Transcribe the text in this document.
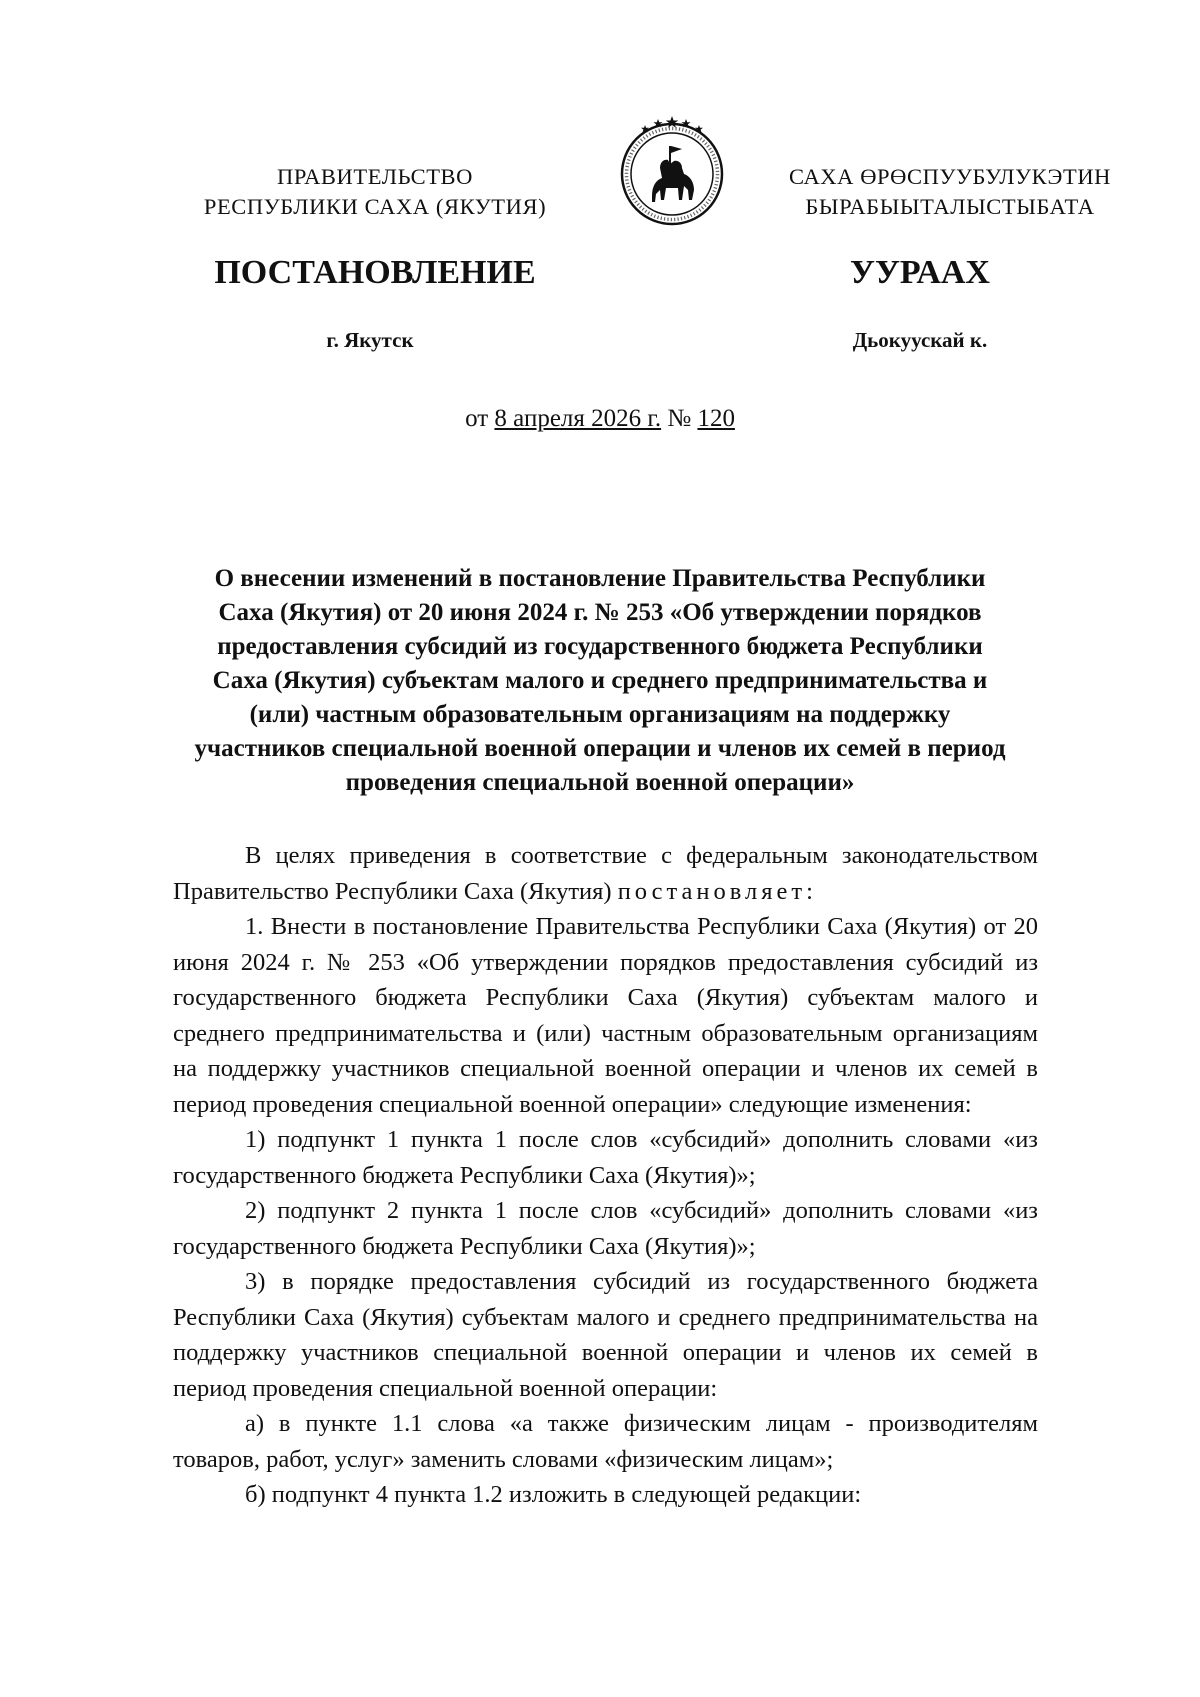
ПРАВИТЕЛЬСТВО
РЕСПУБЛИКИ САХА (ЯКУТИЯ)
САХА ӨРӨСПУУБУЛУКЭТИН
БЫРАБЫЫТАЛЫСТЫБАТА
ПОСТАНОВЛЕНИЕ	УУРААХ
г. Якутск	Дьокуускай к.
от 8 апреля 2026 г. № 120
О внесении изменений в постановление Правительства Республики Саха (Якутия) от 20 июня 2024 г. № 253 «Об утверждении порядков предоставления субсидий из государственного бюджета Республики Саха (Якутия) субъектам малого и среднего предпринимательства и (или) частным образовательным организациям на поддержку участников специальной военной операции и членов их семей в период проведения специальной военной операции»

В целях приведения в соответствие с федеральным законодательством Правительство Республики Саха (Якутия) постановляет:

1. Внести в постановление Правительства Республики Саха (Якутия) от 20 июня 2024 г. № 253 «Об утверждении порядков предоставления субсидий из государственного бюджета Республики Саха (Якутия) субъектам малого и среднего предпринимательства и (или) частным образовательным организациям на поддержку участников специальной военной операции и членов их семей в период проведения специальной военной операции» следующие изменения:

1) подпункт 1 пункта 1 после слов «субсидий» дополнить словами «из государственного бюджета Республики Саха (Якутия)»;

2) подпункт 2 пункта 1 после слов «субсидий» дополнить словами «из государственного бюджета Республики Саха (Якутия)»;

3) в порядке предоставления субсидий из государственного бюджета Республики Саха (Якутия) субъектам малого и среднего предпринимательства на поддержку участников специальной военной операции и членов их семей в период проведения специальной военной операции:

а) в пункте 1.1 слова «а также физическим лицам - производителям товаров, работ, услуг» заменить словами «физическим лицам»;

б) подпункт 4 пункта 1.2 изложить в следующей редакции:
